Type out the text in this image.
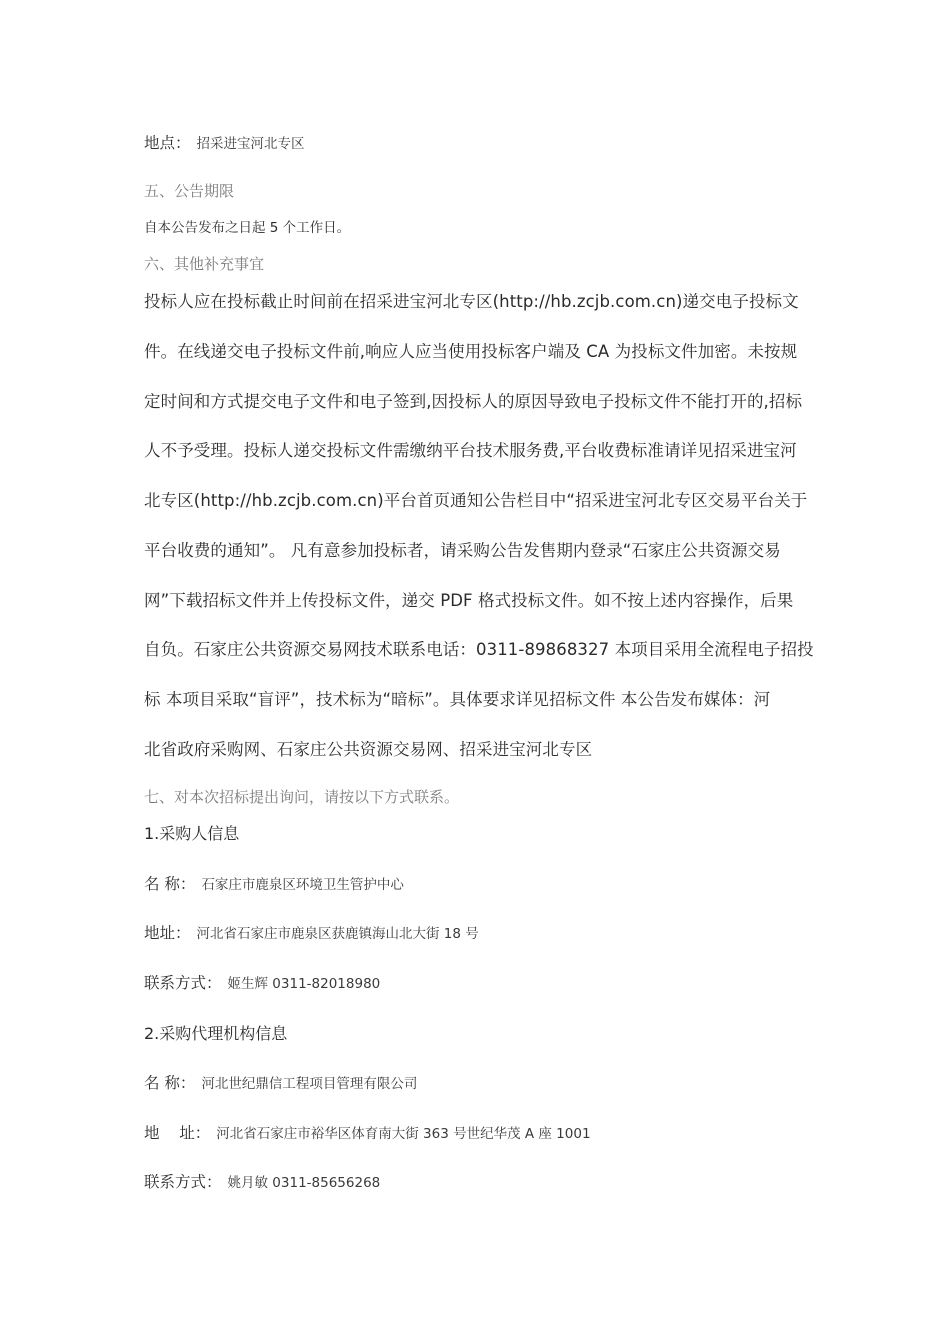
地点： 招采进宝河北专区
五、公告期限
自本公告发布之日起 5 个工作日。
六、其他补充事宜
投标人应在投标截止时间前在招采进宝河北专区(http://hb.zcjb.com.cn)递交电子投标文
件。在线递交电子投标文件前,响应人应当使用投标客户端及 CA 为投标文件加密。未按规
定时间和方式提交电子文件和电子签到,因投标人的原因导致电子投标文件不能打开的,招标
人不予受理。投标人递交投标文件需缴纳平台技术服务费,平台收费标准请详见招采进宝河
北专区(http://hb.zcjb.com.cn)平台首页通知公告栏目中“招采进宝河北专区交易平台关于
平台收费的通知”。 凡有意参加投标者，请采购公告发售期内登录“石家庄公共资源交易
网”下载招标文件并上传投标文件，递交 PDF 格式投标文件。如不按上述内容操作，后果
自负。石家庄公共资源交易网技术联系电话：0311-89868327 本项目采用全流程电子招投
标 本项目采取“盲评”，技术标为“暗标”。具体要求详见招标文件 本公告发布媒体：河
北省政府采购网、石家庄公共资源交易网、招采进宝河北专区
七、对本次招标提出询问，请按以下方式联系。
1.采购人信息
名 称： 石家庄市鹿泉区环境卫生管护中心
地址： 河北省石家庄市鹿泉区获鹿镇海山北大街 18 号
联系方式： 姬生辉 0311-82018980
2.采购代理机构信息
名 称： 河北世纪鼎信工程项目管理有限公司
地    址： 河北省石家庄市裕华区体育南大街 363 号世纪华茂 A 座 1001
联系方式： 姚月敏 0311-85656268
